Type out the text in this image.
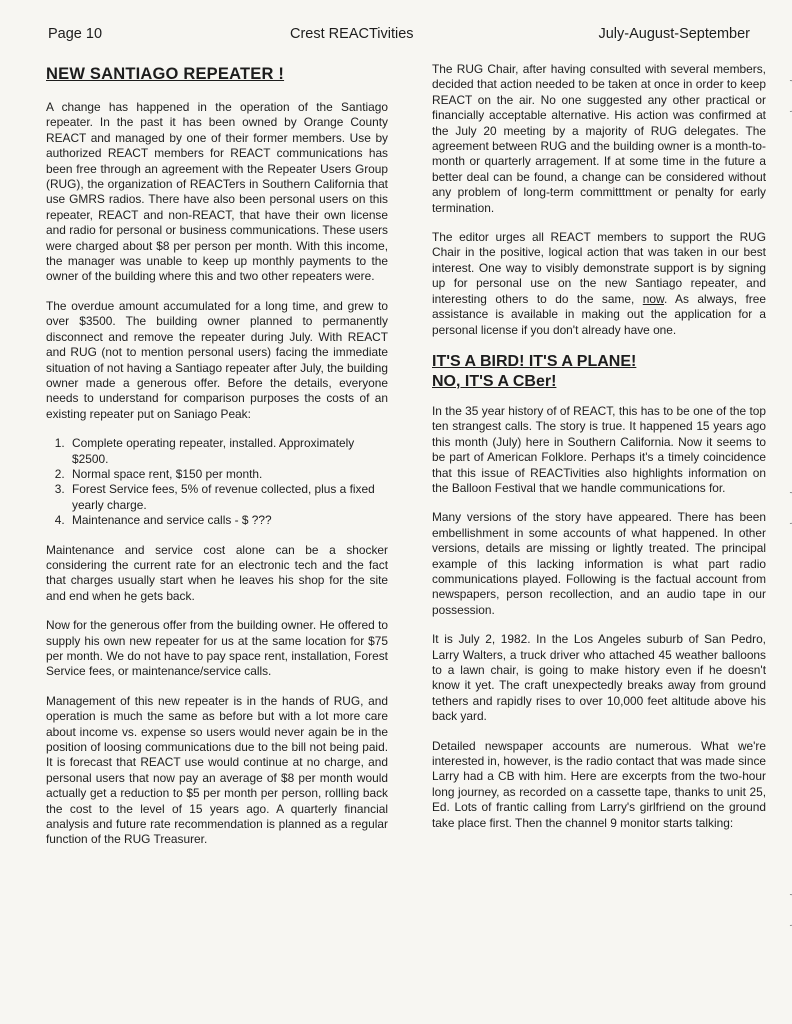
Page 10	Crest REACTivities	July-August-September
NEW SANTIAGO REPEATER !

A change has happened in the operation of the Santiago repeater. In the past it has been owned by Orange County REACT and managed by one of their former members. Use by authorized REACT members for REACT communications has been free through an agreement with the Repeater Users Group (RUG), the organization of REACTers in Southern California that use GMRS radios. There have also been personal users on this repeater, REACT and non-REACT, that have their own license and radio for personal or business communications. These users were charged about $8 per person per month. With this income, the manager was unable to keep up monthly payments to the owner of the building where this and two other repeaters were.

The overdue amount accumulated for a long time, and grew to over $3500. The building owner planned to permanently disconnect and remove the repeater during July. With REACT and RUG (not to mention personal users) facing the immediate situation of not having a Santiago repeater after July, the building owner made a generous offer. Before the details, everyone needs to understand for comparison purposes the costs of an existing repeater put on Saniago Peak:

1. Complete operating repeater, installed. Approximately $2500.
2. Normal space rent, $150 per month.
3. Forest Service fees, 5% of revenue collected, plus a fixed yearly charge.
4. Maintenance and service calls - $ ???

Maintenance and service cost alone can be a shocker considering the current rate for an electronic tech and the fact that charges usually start when he leaves his shop for the site and end when he gets back.

Now for the generous offer from the building owner. He offered to supply his own new repeater for us at the same location for $75 per month. We do not have to pay space rent, installation, Forest Service fees, or maintenance/service calls.

Management of this new repeater is in the hands of RUG, and operation is much the same as before but with a lot more care about income vs. expense so users would never again be in the position of loosing communications due to the bill not being paid. It is forecast that REACT use would continue at no charge, and personal users that now pay an average of $8 per month would actually get a reduction to $5 per month per person, rollling back the cost to the level of 15 years ago. A quarterly financial analysis and future rate recommendation is planned as a regular function of the RUG Treasurer.

The RUG Chair, after having consulted with several members, decided that action needed to be taken at once in order to keep REACT on the air. No one suggested any other practical or financially acceptable alternative. His action was confirmed at the July 20 meeting by a majority of RUG delegates. The agreement between RUG and the building owner is a month-to-month or quarterly arragement. If at some time in the future a better deal can be found, a change can be considered without any problem of long-term committtment or penalty for early termination.

The editor urges all REACT members to support the RUG Chair in the positive, logical action that was taken in our best interest. One way to visibly demonstrate support is by signing up for personal use on the new Santiago repeater, and interesting others to do the same, now. As always, free assistance is available in making out the application for a personal license if you don't already have one.

IT'S A BIRD! IT'S A PLANE!
NO, IT'S A CBer!

In the 35 year history of of REACT, this has to be one of the top ten strangest calls. The story is true. It happened 15 years ago this month (July) here in Southern California. Now it seems to be part of American Folklore. Perhaps it's a timely coincidence that this issue of REACTivities also highlights information on the Balloon Festival that we handle communications for.

Many versions of the story have appeared. There has been embellishment in some accounts of what happened. In other versions, details are missing or lightly treated. The principal example of this lacking information is what part radio communications played. Following is the factual account from newspapers, person recollection, and an audio tape in our possession.

It is July 2, 1982. In the Los Angeles suburb of San Pedro, Larry Walters, a truck driver who attached 45 weather balloons to a lawn chair, is going to make history even if he doesn't know it yet. The craft unexpectedly breaks away from ground tethers and rapidly rises to over 10,000 feet altitude above his back yard.

Detailed newspaper accounts are numerous. What we're interested in, however, is the radio contact that was made since Larry had a CB with him. Here are excerpts from the two-hour long journey, as recorded on a cassette tape, thanks to unit 25, Ed. Lots of frantic calling from Larry's girlfriend on the ground take place first. Then the channel 9 monitor starts talking:
